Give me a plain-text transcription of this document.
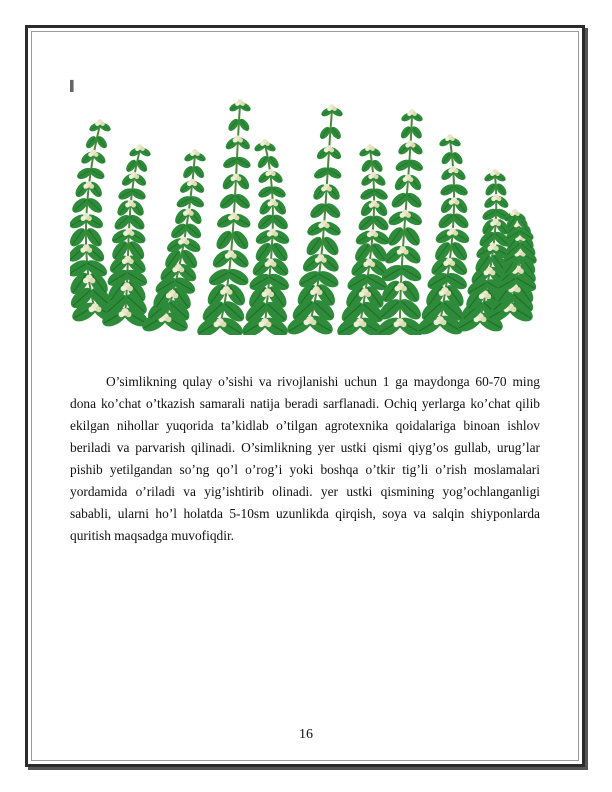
▌

O’simlikning qulay o’sishi va rivojlanishi uchun 1 ga maydonga 60-70 ming dona ko’chat o’tkazish samarali natija beradi sarflanadi. Ochiq yerlarga ko’chat qilib ekilgan nihollar yuqorida ta’kidlab o’tilgan agrotexnika qoidalariga binoan ishlov beriladi va parvarish qilinadi. O’simlikning yer ustki qismi qiyg’os gullab, urug’lar pishib yetilgandan so’ng qo’l o’rog’i yoki boshqa o’tkir tig’li o’rish moslamalari yordamida o’riladi va yig’ishtirib olinadi. yer ustki qismining yog’ochlanganligi sababli, ularni ho’l holatda 5-10sm uzunlikda qirqish, soya va salqin shiyponlarda quritish maqsadga muvofiqdir.

16
